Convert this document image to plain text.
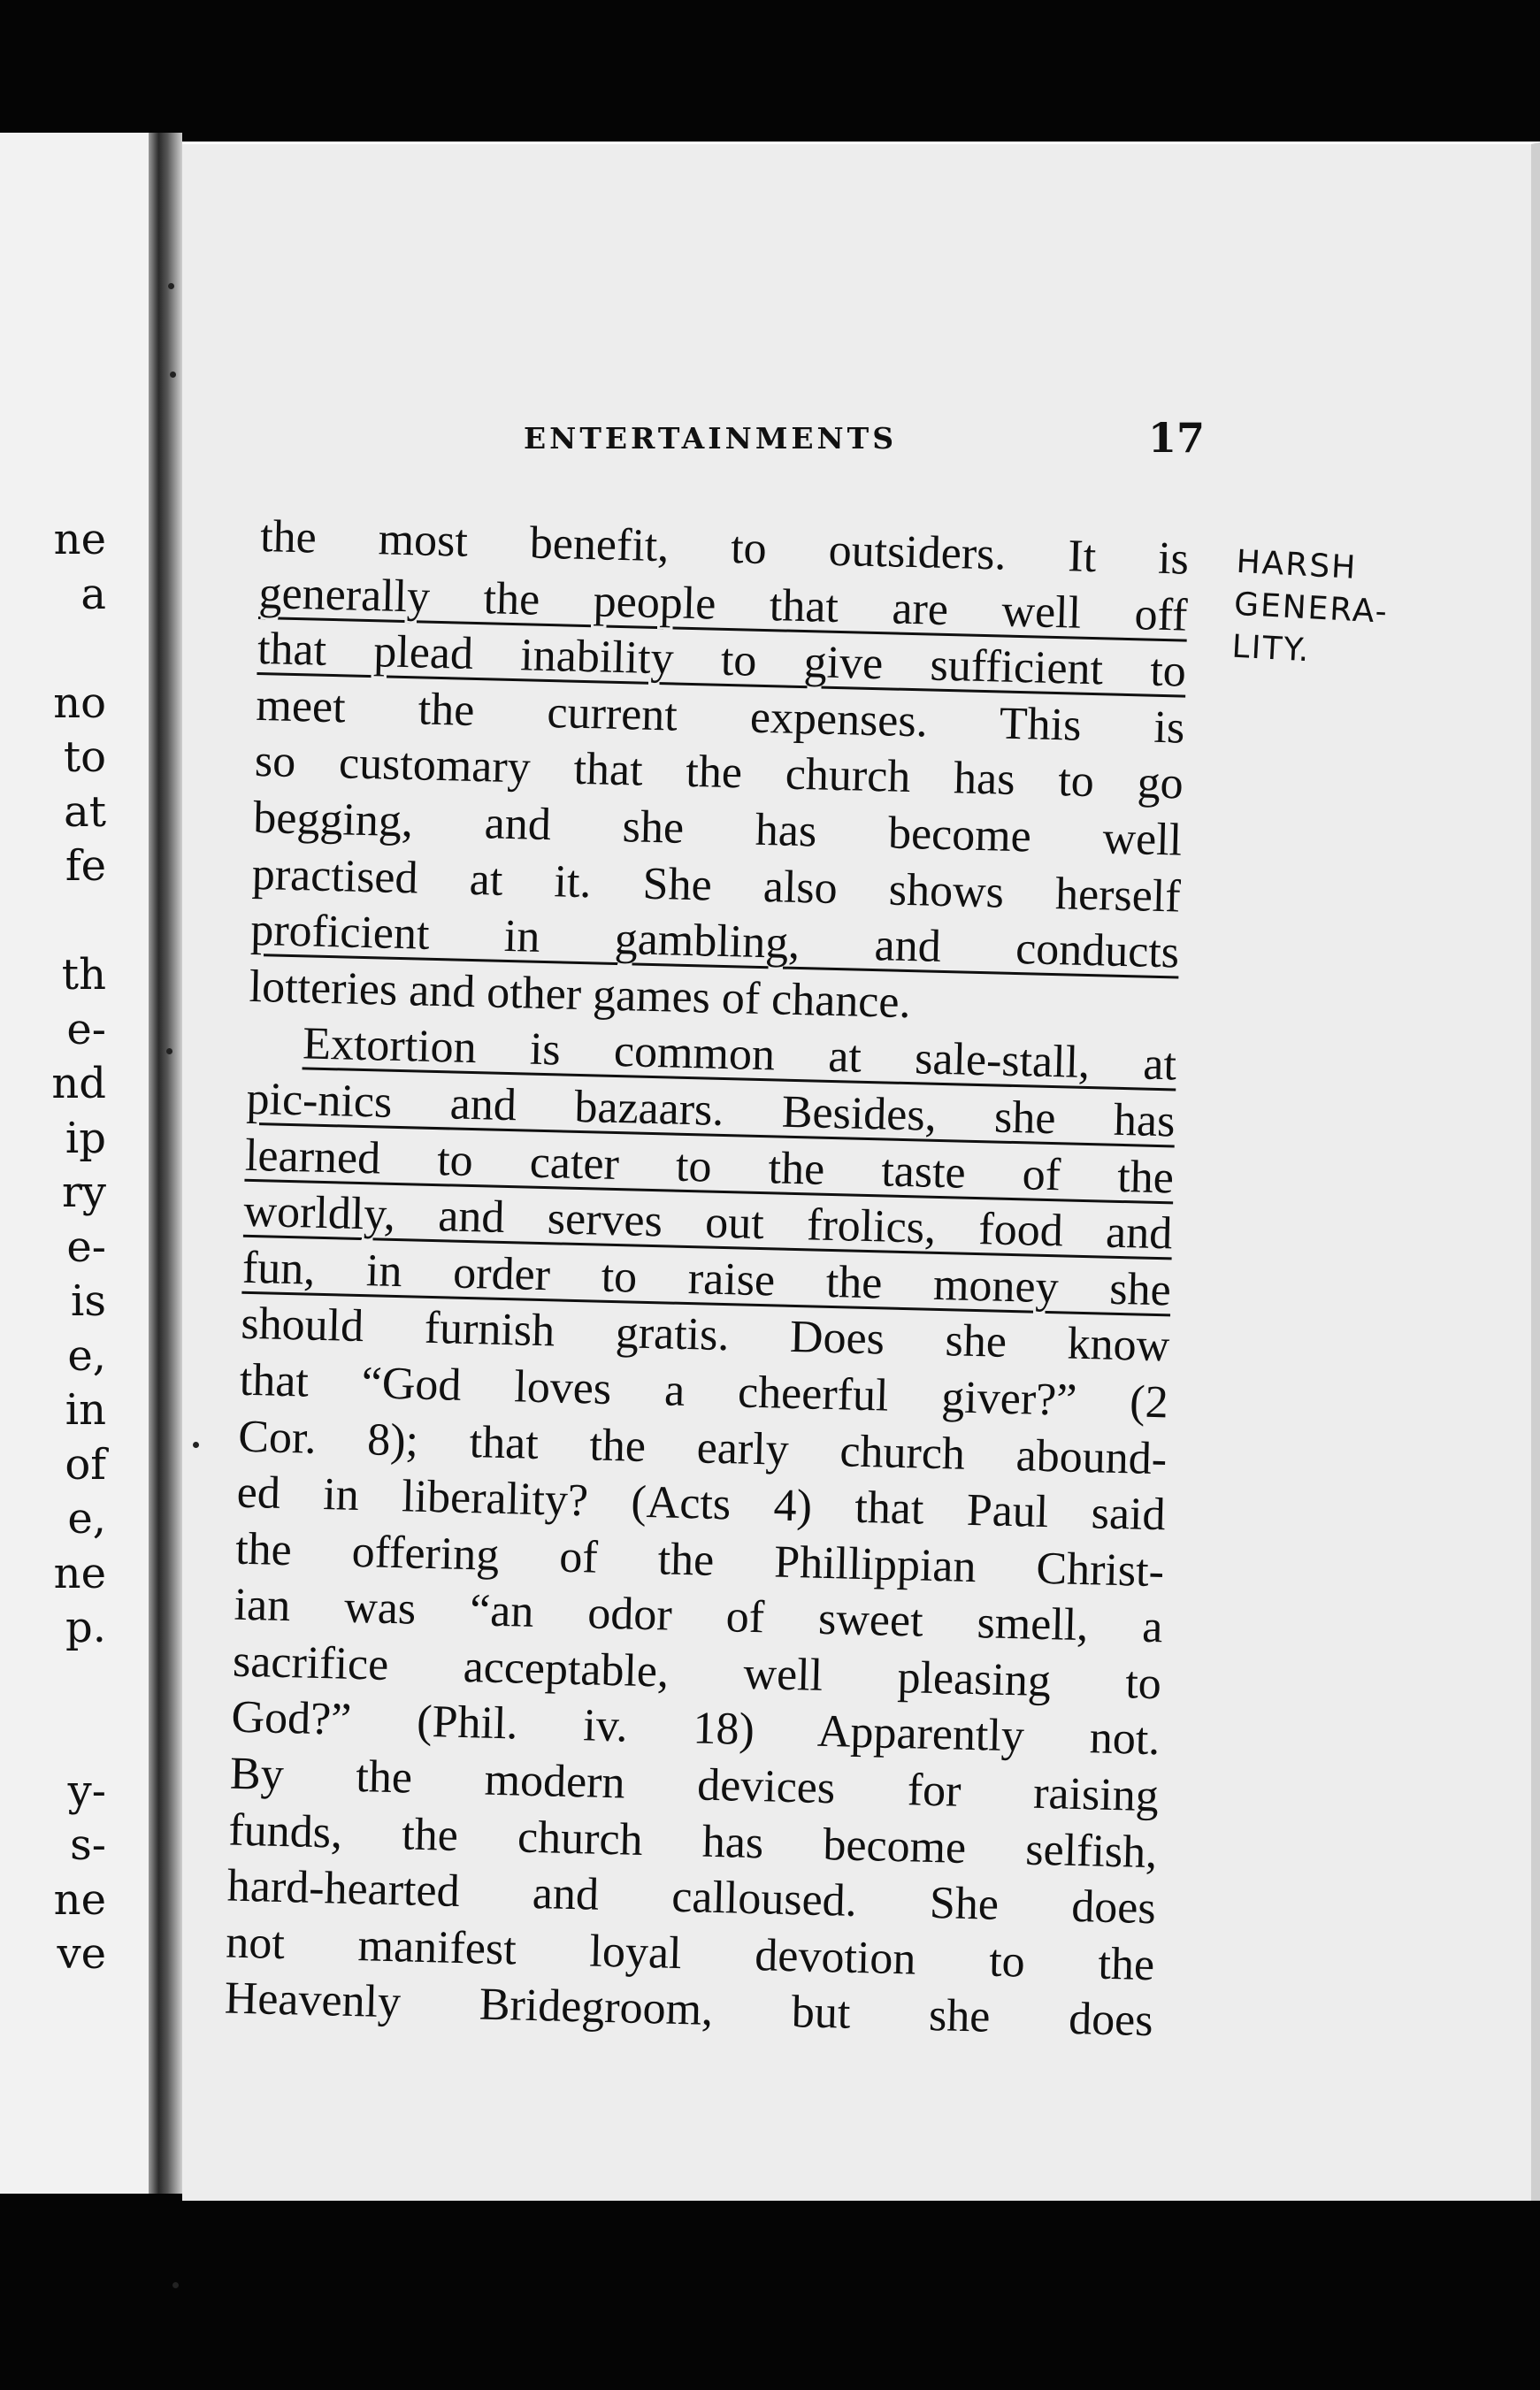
ne
a
no
to
at
fe
th
e-
nd
ip
ry
e-
is
e,
in
of
e,
ne
p.
y-
s-
ne
ve
ENTERTAINMENTS	17
the most benefit, to outsiders. It is
generally the people that are well off
that plead inability to give sufficient to
meet the current expenses. This is
so customary that the church has to go
begging, and she has become well
practised at it. She also shows herself
proficient in gambling, and conducts
lotteries and other games of chance.
Extortion is common at sale-stall, at
pic-nics and bazaars. Besides, she has
learned to cater to the taste of the
worldly, and serves out frolics, food and
fun, in order to raise the money she
should furnish gratis. Does she know
that “God loves a cheerful giver?” (2
Cor. 8); that the early church abound-
ed in liberality? (Acts 4) that Paul said
the offering of the Phillippian Christ-
ian was “an odor of sweet smell, a
sacrifice acceptable, well pleasing to
God?” (Phil. iv. 18) Apparently not.
By the modern devices for raising
funds, the church has become selfish,
hard-hearted and calloused. She does
not manifest loyal devotion to the
Heavenly Bridegroom, but she does
HARSH
GENERA-
LITY.
